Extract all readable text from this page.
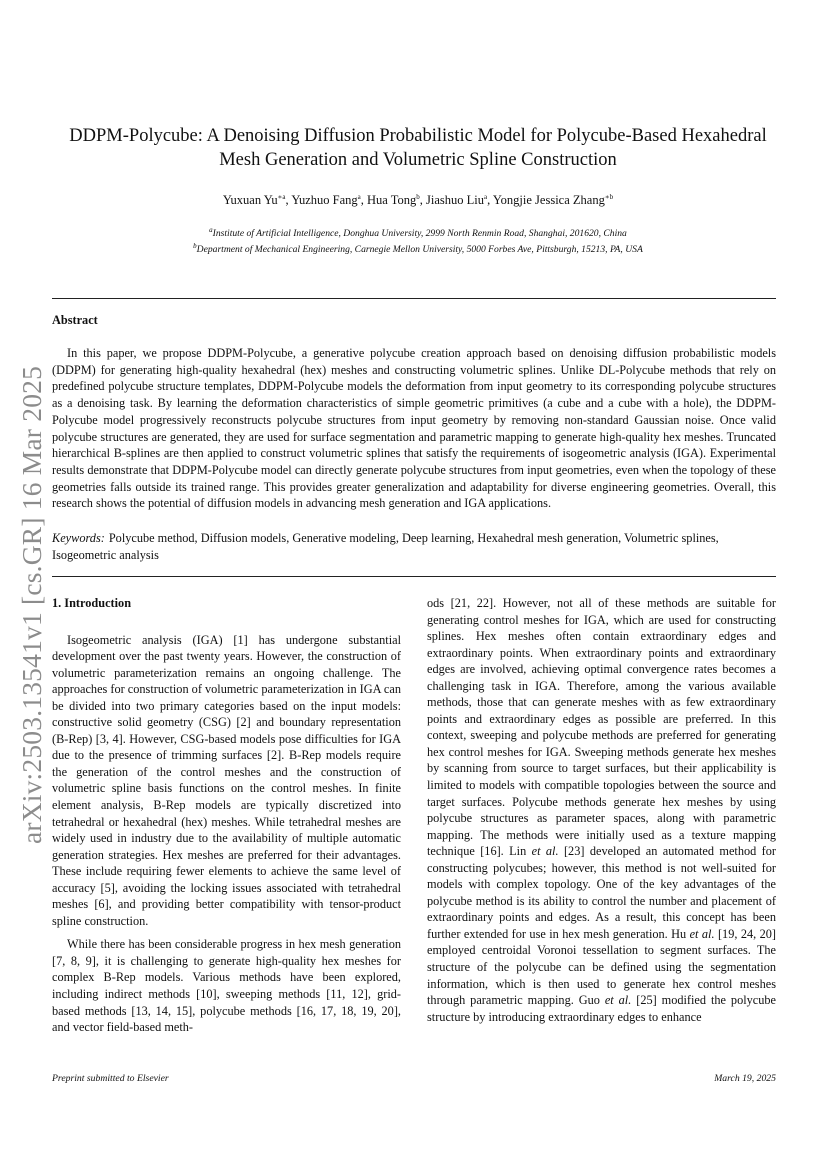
arXiv:2503.13541v1 [cs.GR] 16 Mar 2025
DDPM-Polycube: A Denoising Diffusion Probabilistic Model for Polycube-Based Hexahedral Mesh Generation and Volumetric Spline Construction
Yuxuan $Yu^{∗a}$, Yuzhuo Fang$^a$, Hua Tong$^b$, Jiashuo Liu$^a$, Yongjie Jessica Zhang$^{∗b}$
$^a$Institute of Artificial Intelligence, Donghua University, 2999 North Renmin Road, Shanghai, 201620, China
$^b$Department of Mechanical Engineering, Carnegie Mellon University, 5000 Forbes Ave, Pittsburgh, 15213, PA, USA
Abstract

In this paper, we propose DDPM-Polycube, a generative polycube creation approach based on denoising diffusion probabilistic models (DDPM) for generating high-quality hexahedral (hex) meshes and constructing volumetric splines. Unlike DL-Polycube methods that rely on predefined polycube structure templates, DDPM-Polycube models the deformation from input geometry to its corresponding polycube structures as a denoising task. By learning the deformation characteristics of simple geometric primitives (a cube and a cube with a hole), the DDPM-Polycube model progressively reconstructs polycube structures from input geometry by removing non-standard Gaussian noise. Once valid polycube structures are generated, they are used for surface segmentation and parametric mapping to generate high-quality hex meshes. Truncated hierarchical B-splines are then applied to construct volumetric splines that satisfy the requirements of isogeometric analysis (IGA). Experimental results demonstrate that DDPM-Polycube model can directly generate polycube structures from input geometries, even when the topology of these geometries falls outside its trained range. This provides greater generalization and adaptability for diverse engineering geometries. Overall, this research shows the potential of diffusion models in advancing mesh generation and IGA applications.

Keywords: Polycube method, Diffusion models, Generative modeling, Deep learning, Hexahedral mesh generation, Volumetric splines, Isogeometric analysis

1. Introduction

Isogeometric analysis (IGA) [1] has undergone substantial development over the past twenty years. However, the construction of volumetric parameterization remains an ongoing challenge. The approaches for construction of volumetric parameterization in IGA can be divided into two primary categories based on the input models: constructive solid geometry (CSG) [2] and boundary representation (B-Rep) [3, 4]. However, CSG-based models pose difficulties for IGA due to the presence of trimming surfaces [2]. B-Rep models require the generation of the control meshes and the construction of volumetric spline basis functions on the control meshes. In finite element analysis, B-Rep models are typically discretized into tetrahedral or hexahedral (hex) meshes. While tetrahedral meshes are widely used in industry due to the availability of multiple automatic generation strategies. Hex meshes are preferred for their advantages. These include requiring fewer elements to achieve the same level of accuracy [5], avoiding the locking issues associated with tetrahedral meshes [6], and providing better compatibility with tensor-product spline construction.

While there has been considerable progress in hex mesh generation [7, 8, 9], it is challenging to generate high-quality hex meshes for complex B-Rep models. Various methods have been explored, including indirect methods [10], sweeping methods [11, 12], grid-based methods [13, 14, 15], polycube methods [16, 17, 18, 19, 20], and vector field-based meth-

ods [21, 22]. However, not all of these methods are suitable for generating control meshes for IGA, which are used for constructing splines. Hex meshes often contain extraordinary edges and extraordinary points. When extraordinary points and extraordinary edges are involved, achieving optimal convergence rates becomes a challenging task in IGA. Therefore, among the various available methods, those that can generate meshes with as few extraordinary points and extraordinary edges as possible are preferred. In this context, sweeping and polycube methods are preferred for generating hex control meshes for IGA. Sweeping methods generate hex meshes by scanning from source to target surfaces, but their applicability is limited to models with compatible topologies between the source and target surfaces. Polycube methods generate hex meshes by using polycube structures as parameter spaces, along with parametric mapping. The methods were initially used as a texture mapping technique [16]. Lin et al. [23] developed an automated method for constructing polycubes; however, this method is not well-suited for models with complex topology. One of the key advantages of the polycube method is its ability to control the number and placement of extraordinary points and edges. As a result, this concept has been further extended for use in hex mesh generation. Hu et al. [19, 24, 20] employed centroidal Voronoi tessellation to segment surfaces. The structure of the polycube can be defined using the segmentation information, which is then used to generate hex control meshes through parametric mapping. Guo et al. [25] modified the polycube structure by introducing extraordinary edges to enhance

Preprint submitted to Elsevier	March 19, 2025
